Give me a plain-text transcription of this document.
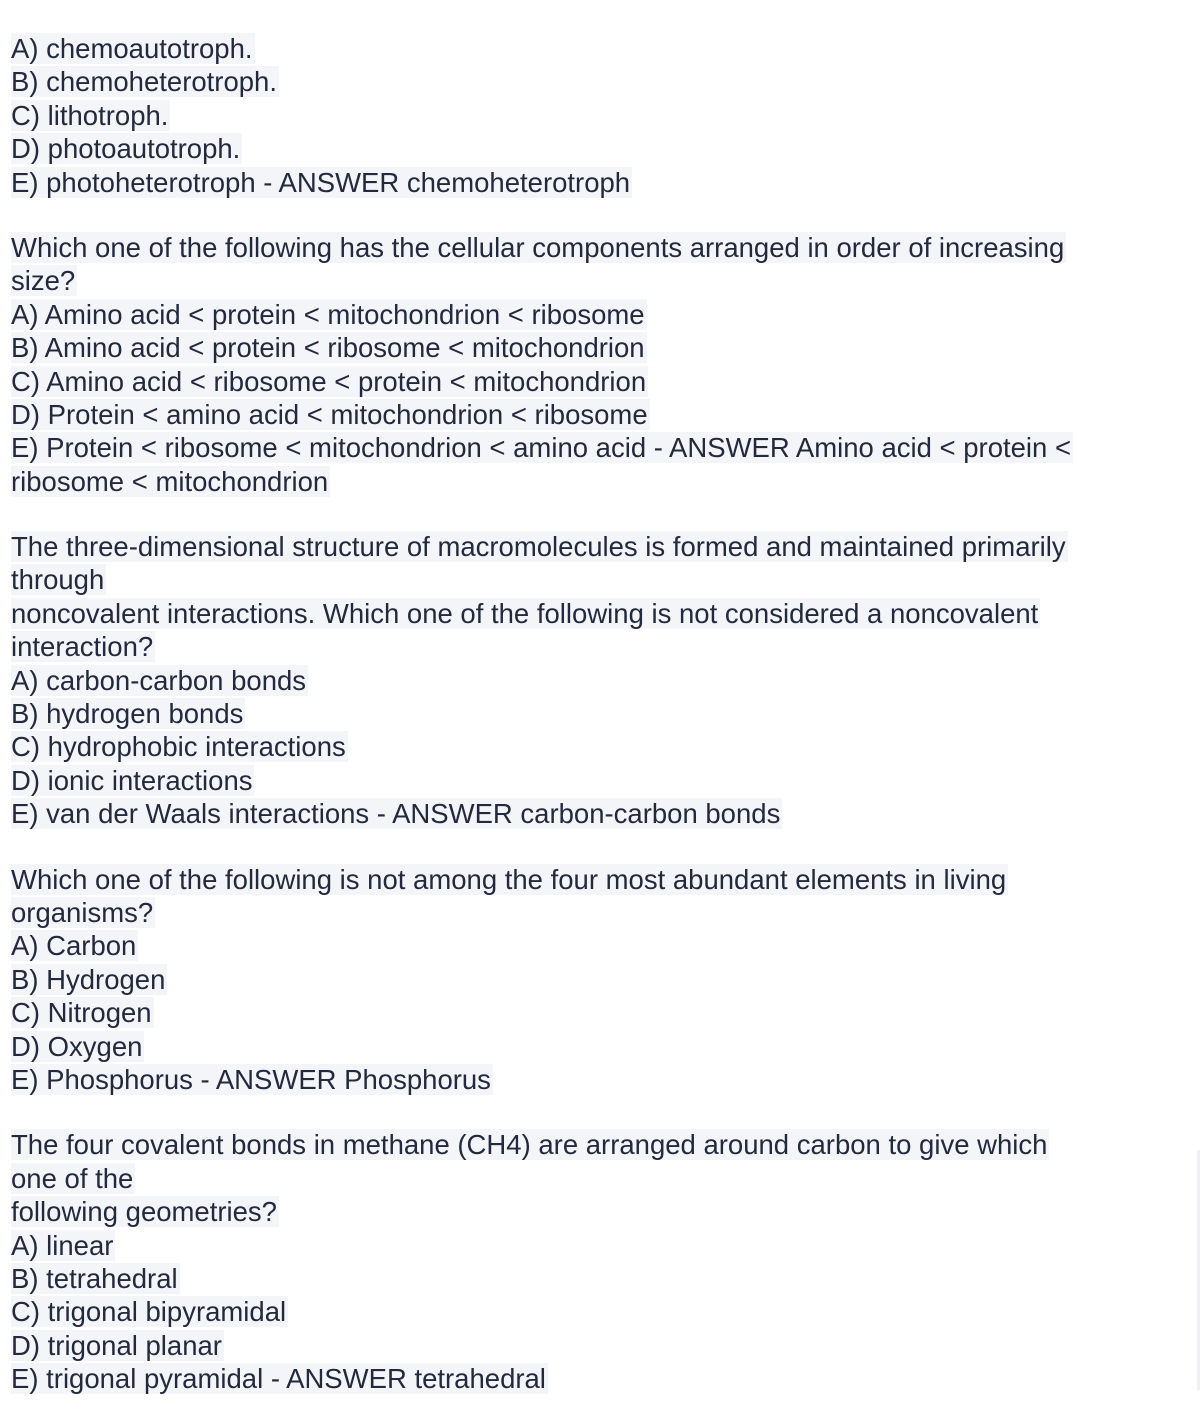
A) chemoautotroph.
B) chemoheterotroph.
C) lithotroph.
D) photoautotroph.
E) photoheterotroph - ANSWER chemoheterotroph
Which one of the following has the cellular components arranged in order of increasing
size?
A) Amino acid < protein < mitochondrion < ribosome
B) Amino acid < protein < ribosome < mitochondrion
C) Amino acid < ribosome < protein < mitochondrion
D) Protein < amino acid < mitochondrion < ribosome
E) Protein < ribosome < mitochondrion < amino acid - ANSWER Amino acid < protein <
ribosome < mitochondrion
The three-dimensional structure of macromolecules is formed and maintained primarily
through
noncovalent interactions. Which one of the following is not considered a noncovalent
interaction?
A) carbon-carbon bonds
B) hydrogen bonds
C) hydrophobic interactions
D) ionic interactions
E) van der Waals interactions - ANSWER carbon-carbon bonds
Which one of the following is not among the four most abundant elements in living
organisms?
A) Carbon
B) Hydrogen
C) Nitrogen
D) Oxygen
E) Phosphorus - ANSWER Phosphorus
The four covalent bonds in methane (CH4) are arranged around carbon to give which
one of the
following geometries?
A) linear
B) tetrahedral
C) trigonal bipyramidal
D) trigonal planar
E) trigonal pyramidal - ANSWER tetrahedral
